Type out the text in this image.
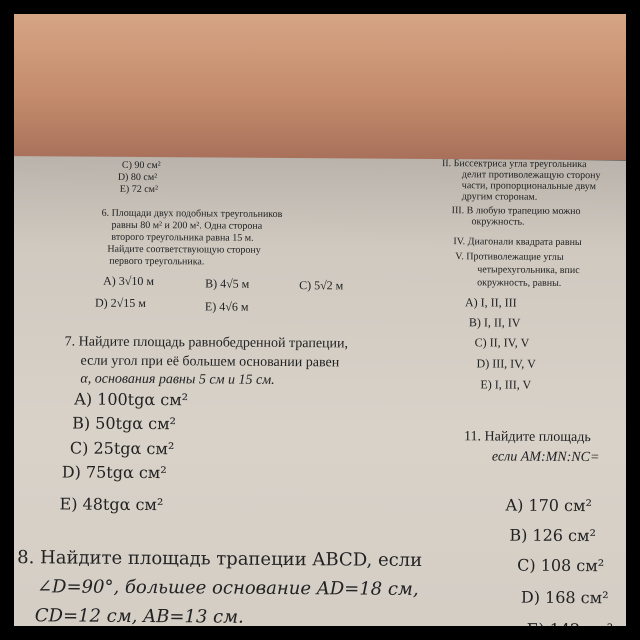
C) 90 см²
D) 80 см²
E) 72 см²
II. Биссектриса угла треугольника
делит противолежащую сторону
части, пропорциональные двум
другим сторонам.
III. В любую трапецию можно
окружность.
IV. Диагонали квадрата равны
V. Противолежащие углы
четырехугольника, впис
окружность, равны.
6. Площади двух подобных треугольников
равны 80 м² и 200 м². Одна сторона
второго треугольника равна 15 м.
Найдите соответствующую сторону
первого треугольника.
A) 3√10 м	B) 4√5 м	C) 5√2 м
D) 2√15 м	E) 4√6 м	A) I, II, III
B) I, II, IV
C) II, IV, V
D) III, IV, V
E) I, III, V
7. Найдите площадь равнобедренной трапеции,
если угол при её большем основании равен
α, основания равны 5 см и 15 см.
A) 100tgα см²
B) 50tgα см²
C) 25tgα см²
D) 75tgα см²
E) 48tgα см²
11. Найдите площадь
если AM:MN:NC=
A) 170 см²
B) 126 см²
C) 108 см²
D) 168 см²
E) 142 см²
8. Найдите площадь трапеции ABCD, если
∠D=90°, большее основание AD=18 см,
CD=12 см, AB=13 см.
